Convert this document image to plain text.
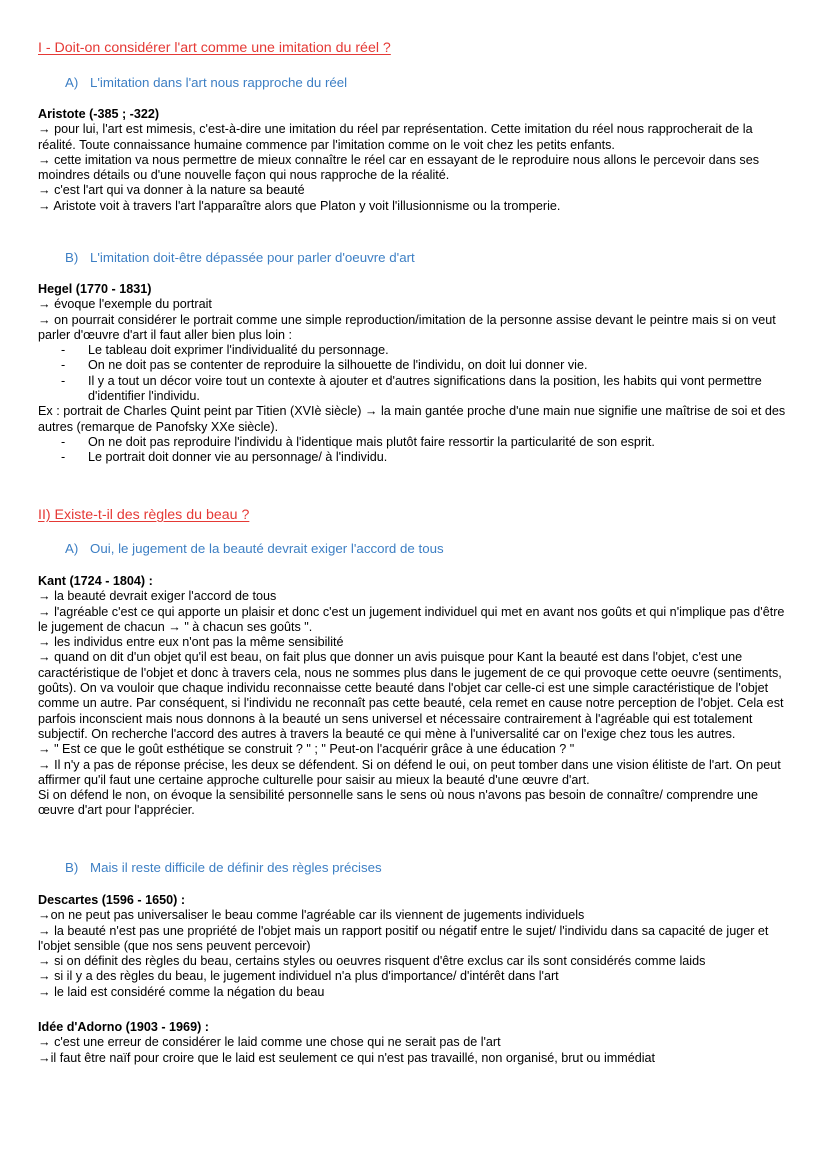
I - Doit-on considérer l'art comme une imitation du réel ?
A) L'imitation dans l'art nous rapproche du réel

Aristote (-385 ; -322)

→ pour lui, l'art est mimesis, c'est-à-dire une imitation du réel par représentation. Cette imitation du réel nous rapprocherait de la réalité. Toute connaissance humaine commence par l'imitation comme on le voit chez les petits enfants.

→ cette imitation va nous permettre de mieux connaître le réel car en essayant de le reproduire nous allons le percevoir dans ses moindres détails ou d'une nouvelle façon qui nous rapproche de la réalité.

→ c'est l'art qui va donner à la nature sa beauté

→ Aristote voit à travers l'art l'apparaître alors que Platon y voit l'illusionnisme ou la tromperie.

B) L'imitation doit-être dépassée pour parler d'oeuvre d'art

Hegel (1770 - 1831)

→ évoque l'exemple du portrait

→ on pourrait considérer le portrait comme une simple reproduction/imitation de la personne assise devant le peintre mais si on veut parler d'œuvre d'art il faut aller bien plus loin :

-	Le tableau doit exprimer l'individualité du personnage.
-	On ne doit pas se contenter de reproduire la silhouette de l'individu, on doit lui donner vie.
-	Il y a tout un décor voire tout un contexte à ajouter et d'autres significations dans la position, les habits qui vont permettre d'identifier l'individu.

Ex : portrait de Charles Quint peint par Titien (XVIè siècle) → la main gantée proche d'une main nue signifie une maîtrise de soi et des autres (remarque de Panofsky XXe siècle).

-	On ne doit pas reproduire l'individu à l'identique mais plutôt faire ressortir la particularité de son esprit.
-	Le portrait doit donner vie au personnage/ à l'individu.
II) Existe-t-il des règles du beau ?
A) Oui, le jugement de la beauté devrait exiger l'accord de tous

Kant (1724 - 1804) :

→ la beauté devrait exiger l'accord de tous

→ l'agréable c'est ce qui apporte un plaisir et donc c'est un jugement individuel qui met en avant nos goûts et qui n'implique pas d'être le jugement de chacun → " à chacun ses goûts ".

→ les individus entre eux n'ont pas la même sensibilité

→ quand on dit d'un objet qu'il est beau, on fait plus que donner un avis puisque pour Kant la beauté est dans l'objet, c'est une caractéristique de l'objet et donc à travers cela, nous ne sommes plus dans le jugement de ce qui provoque cette oeuvre (sentiments, goûts). On va vouloir que chaque individu reconnaisse cette beauté dans l'objet car celle-ci est une simple caractéristique de l'objet comme un autre. Par conséquent, si l'individu ne reconnaît pas cette beauté, cela remet en cause notre perception de l'objet. Cela est parfois inconscient mais nous donnons à la beauté un sens universel et nécessaire contrairement à l'agréable qui est totalement subjectif. On recherche l'accord des autres à travers la beauté ce qui mène à l'universalité car on l'exige chez tous les autres.

→ " Est ce que le goût esthétique se construit ? " ; " Peut-on l'acquérir grâce à une éducation ? "

→ Il n'y a pas de réponse précise, les deux se défendent. Si on défend le oui, on peut tomber dans une vision élitiste de l'art. On peut affirmer qu'il faut une certaine approche culturelle pour saisir au mieux la beauté d'une œuvre d'art.

Si on défend le non, on évoque la sensibilité personnelle sans le sens où nous n'avons pas besoin de connaître/ comprendre une œuvre d'art pour l'apprécier.

B) Mais il reste difficile de définir des règles précises

Descartes (1596 - 1650) :

→on ne peut pas universaliser le beau comme l'agréable car ils viennent de jugements individuels

→ la beauté n'est pas une propriété de l'objet mais un rapport positif ou négatif entre le sujet/ l'individu dans sa capacité de juger et l'objet sensible (que nos sens peuvent percevoir)

→ si on définit des règles du beau, certains styles ou oeuvres risquent d'être exclus car ils sont considérés comme laids

→ si il y a des règles du beau, le jugement individuel n'a plus d'importance/ d'intérêt dans l'art

→ le laid est considéré comme la négation du beau

Idée d'Adorno (1903 - 1969) :

→ c'est une erreur de considérer le laid comme une chose qui ne serait pas de l'art

→il faut être naïf pour croire que le laid est seulement ce qui n'est pas travaillé, non organisé, brut ou immédiat
